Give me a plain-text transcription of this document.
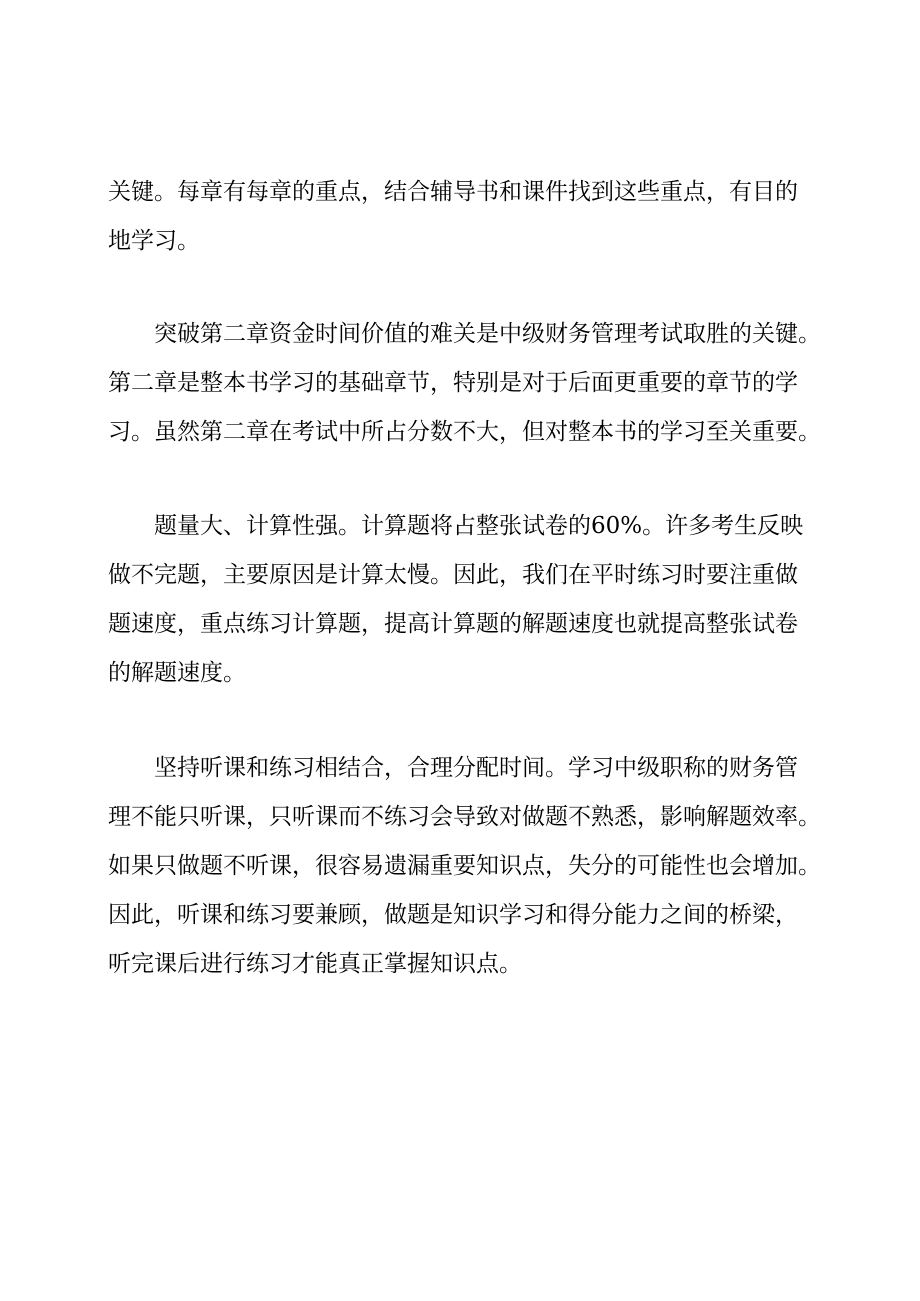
关键。每章有每章的重点，结合辅导书和课件找到这些重点，有目的

地学习。

突破第二章资金时间价值的难关是中级财务管理考试取胜的关键。

第二章是整本书学习的基础章节，特别是对于后面更重要的章节的学

习。虽然第二章在考试中所占分数不大，但对整本书的学习至关重要。

题量大、计算性强。计算题将占整张试卷的60%。许多考生反映

做不完题，主要原因是计算太慢。因此，我们在平时练习时要注重做

题速度，重点练习计算题，提高计算题的解题速度也就提高整张试卷

的解题速度。

坚持听课和练习相结合，合理分配时间。学习中级职称的财务管

理不能只听课，只听课而不练习会导致对做题不熟悉，影响解题效率。

如果只做题不听课，很容易遗漏重要知识点，失分的可能性也会增加。

因此，听课和练习要兼顾，做题是知识学习和得分能力之间的桥梁，

听完课后进行练习才能真正掌握知识点。
